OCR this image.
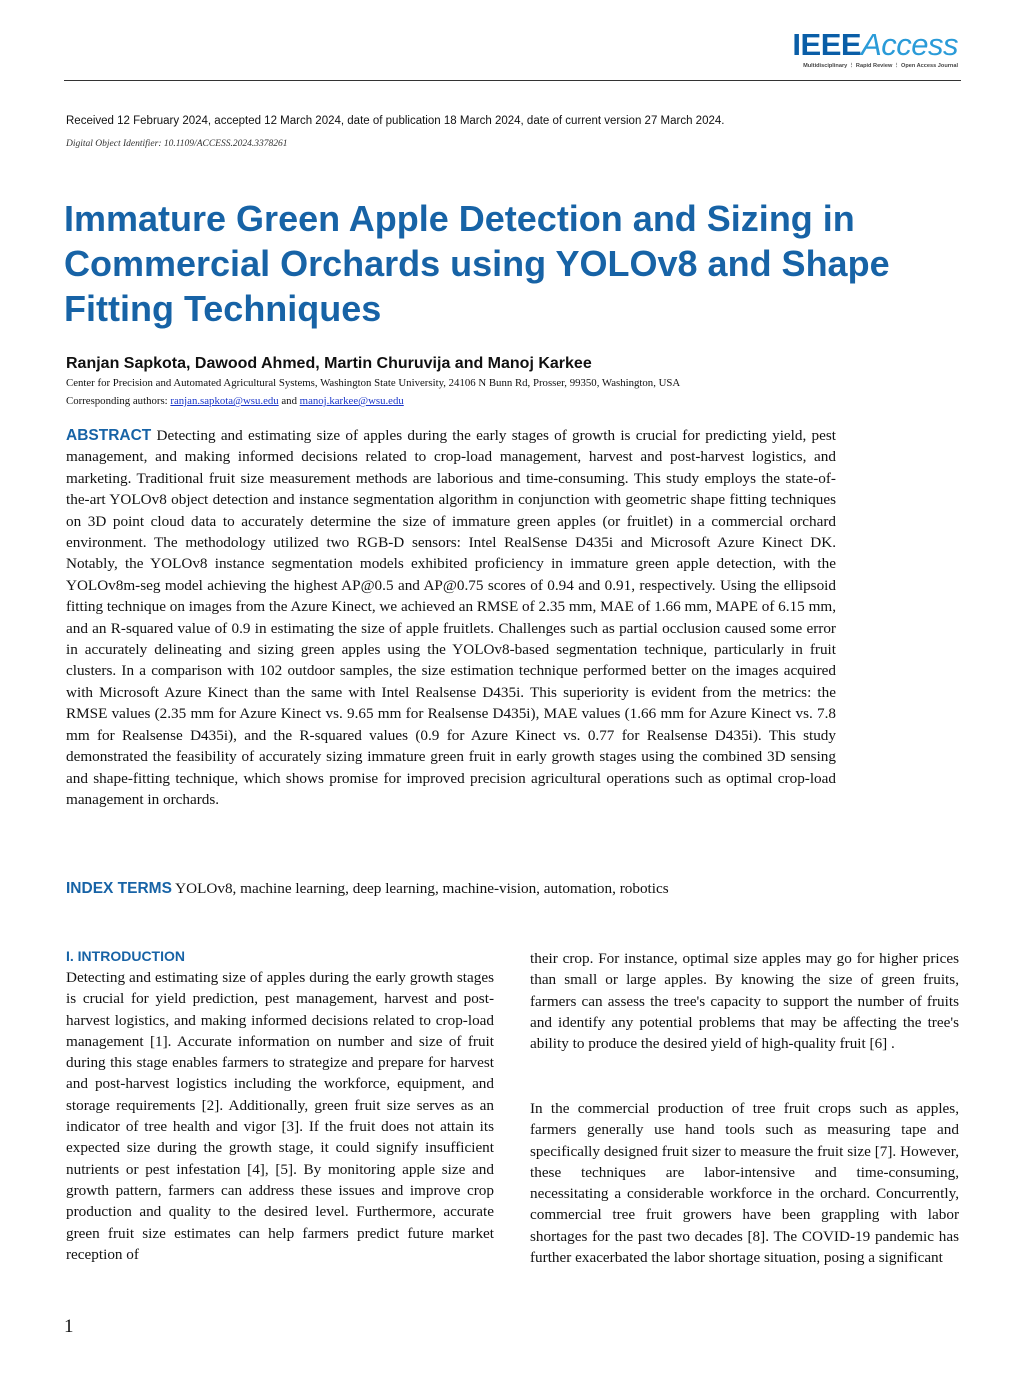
IEEEAccess
Multidisciplinary ⋮ Rapid Review ⋮ Open Access Journal
Received 12 February 2024, accepted 12 March 2024, date of publication 18 March 2024, date of current version 27 March 2024.
Digital Object Identifier: 10.1109/ACCESS.2024.3378261
Immature Green Apple Detection and Sizing in Commercial Orchards using YOLOv8 and Shape Fitting Techniques
Ranjan Sapkota, Dawood Ahmed, Martin Churuvija and Manoj Karkee
Center for Precision and Automated Agricultural Systems, Washington State University, 24106 N Bunn Rd, Prosser, 99350, Washington, USA
Corresponding authors: ranjan.sapkota@wsu.edu and manoj.karkee@wsu.edu

ABSTRACT Detecting and estimating size of apples during the early stages of growth is crucial for predicting yield, pest management, and making informed decisions related to crop-load management, harvest and post-harvest logistics, and marketing. Traditional fruit size measurement methods are laborious and time-consuming. This study employs the state-of-the-art YOLOv8 object detection and instance segmentation algorithm in conjunction with geometric shape fitting techniques on 3D point cloud data to accurately determine the size of immature green apples (or fruitlet) in a commercial orchard environment. The methodology utilized two RGB-D sensors: Intel RealSense D435i and Microsoft Azure Kinect DK. Notably, the YOLOv8 instance segmentation models exhibited proficiency in immature green apple detection, with the YOLOv8m-seg model achieving the highest AP@0.5 and AP@0.75 scores of 0.94 and 0.91, respectively. Using the ellipsoid fitting technique on images from the Azure Kinect, we achieved an RMSE of 2.35 mm, MAE of 1.66 mm, MAPE of 6.15 mm, and an R-squared value of 0.9 in estimating the size of apple fruitlets. Challenges such as partial occlusion caused some error in accurately delineating and sizing green apples using the YOLOv8-based segmentation technique, particularly in fruit clusters. In a comparison with 102 outdoor samples, the size estimation technique performed better on the images acquired with Microsoft Azure Kinect than the same with Intel Realsense D435i. This superiority is evident from the metrics: the RMSE values (2.35 mm for Azure Kinect vs. 9.65 mm for Realsense D435i), MAE values (1.66 mm for Azure Kinect vs. 7.8 mm for Realsense D435i), and the R-squared values (0.9 for Azure Kinect vs. 0.77 for Realsense D435i). This study demonstrated the feasibility of accurately sizing immature green fruit in early growth stages using the combined 3D sensing and shape-fitting technique, which shows promise for improved precision agricultural operations such as optimal crop-load management in orchards.

INDEX TERMS YOLOv8, machine learning, deep learning, machine-vision, automation, robotics

I. INTRODUCTION

Detecting and estimating size of apples during the early growth stages is crucial for yield prediction, pest management, harvest and post-harvest logistics, and making informed decisions related to crop-load management [1]. Accurate information on number and size of fruit during this stage enables farmers to strategize and prepare for harvest and post-harvest logistics including the workforce, equipment, and storage requirements [2]. Additionally, green fruit size serves as an indicator of tree health and vigor [3]. If the fruit does not attain its expected size during the growth stage, it could signify insufficient nutrients or pest infestation [4], [5]. By monitoring apple size and growth pattern, farmers can address these issues and improve crop production and quality to the desired level. Furthermore, accurate green fruit size estimates can help farmers predict future market reception of

their crop. For instance, optimal size apples may go for higher prices than small or large apples. By knowing the size of green fruits, farmers can assess the tree's capacity to support the number of fruits and identify any potential problems that may be affecting the tree's ability to produce the desired yield of high-quality fruit [6] .

In the commercial production of tree fruit crops such as apples, farmers generally use hand tools such as measuring tape and specifically designed fruit sizer to measure the fruit size [7]. However, these techniques are labor-intensive and time-consuming, necessitating a considerable workforce in the orchard. Concurrently, commercial tree fruit growers have been grappling with labor shortages for the past two decades [8]. The COVID-19 pandemic has further exacerbated the labor shortage situation, posing a significant

1
